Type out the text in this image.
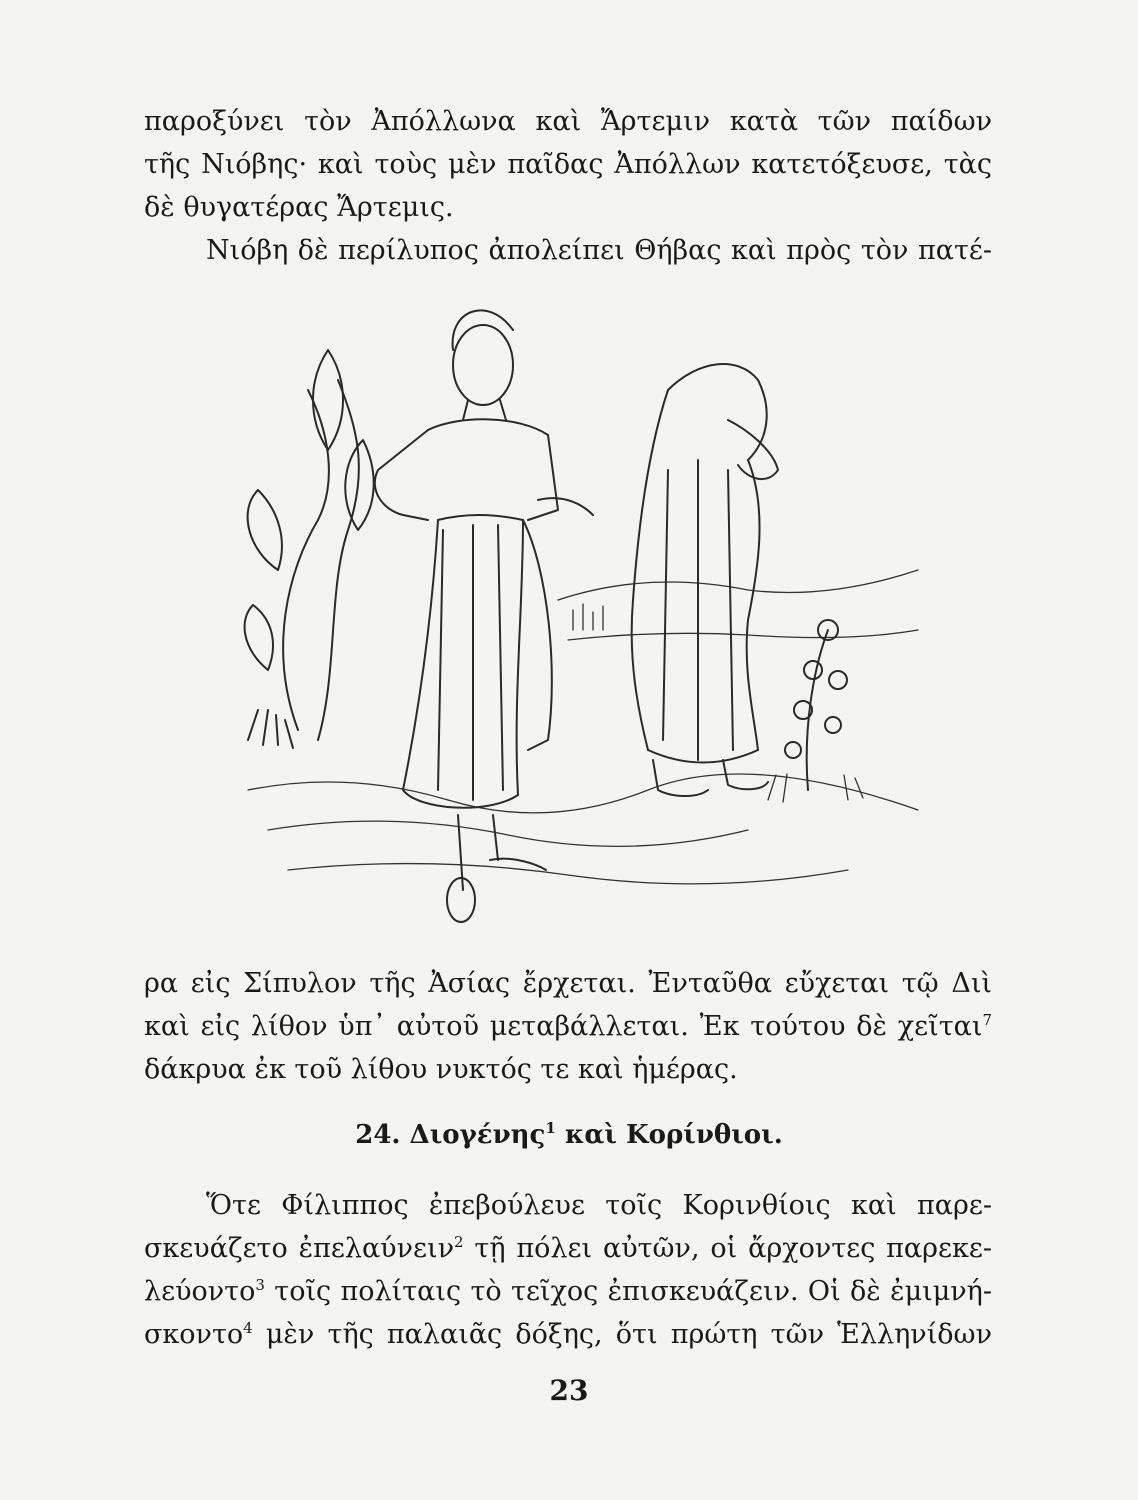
παροξύνει τὸν Ἀπόλλωνα καὶ Ἄρτεμιν κατὰ τῶν παίδων
τῆς Νιόβης· καὶ τοὺς μὲν παῖδας Ἀπόλλων κατετόξευσε, τὰς
δὲ θυγατέρας Ἄρτεμις.
Νιόβη δὲ περίλυπος ἀπολείπει Θήβας καὶ πρὸς τὸν πατέ-
ρα εἰς Σίπυλον τῆς Ἀσίας ἔρχεται. Ἐνταῦθα εὔχεται τῷ Διὶ
καὶ εἰς λίθον ὑπ᾽ αὐτοῦ μεταβάλλεται. Ἐκ τούτου δὲ χεῖται$^7$
δάκρυα ἐκ τοῦ λίθου νυκτός τε καὶ ἡμέρας.
24. Διογένης$^1$ καὶ Κορίνθιοι.
Ὅτε Φίλιππος ἐπεβούλευε τοῖς Κορινθίοις καὶ παρε-
σκευάζετο ἐπελαύνειν$^2$ τῇ πόλει αὐτῶν, οἱ ἄρχοντες παρεκε-
λεύοντο$^3$ τοῖς πολίταις τὸ τεῖχος ἐπισκευάζειν. Οἱ δὲ ἐμιμνή-
σκοντο$^4$ μὲν τῆς παλαιᾶς δόξης, ὅτι πρώτη τῶν Ἑλληνίδων
23
